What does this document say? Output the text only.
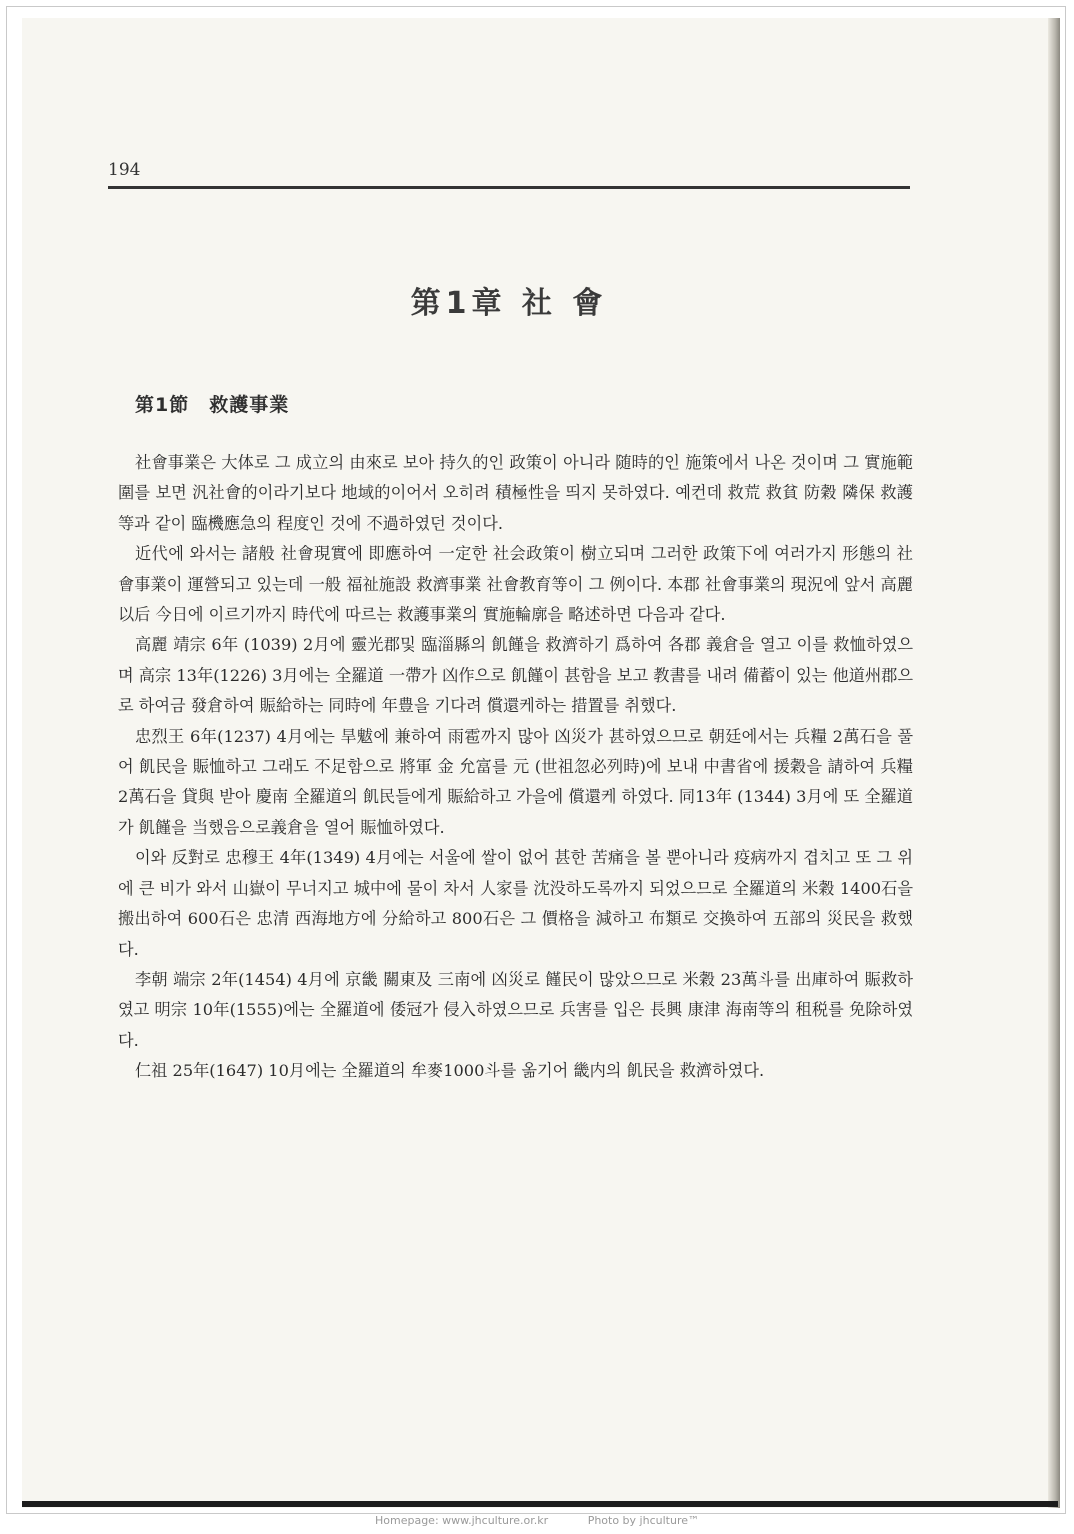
194
第1章 社 會
第1節　救護事業

社會事業은 大体로 그 成立의 由來로 보아 持久的인 政策이 아니라 随時的인 施策에서 나온 것이며 그 實施範圍를 보면 汎社會的이라기보다 地域的이어서 오히려 積極性을 띄지 못하였다. 예컨데 救荒 救貧 防穀 隣保 救護等과 같이 臨機應急의 程度인 것에 不過하였던 것이다.

近代에 와서는 諸般 社會現實에 即應하여 一定한 社会政策이 樹立되며 그러한 政策下에 여러가지 形態의 社會事業이 運營되고 있는데 一般 福祉施設 救濟事業 社會教育等이 그 例이다. 本郡 社會事業의 現況에 앞서 高麗以后 今日에 이르기까지 時代에 따르는 救護事業의 實施輪廓을 略述하면 다음과 같다.

高麗 靖宗 6年 (1039) 2月에 靈光郡및 臨淄縣의 飢饉을 救濟하기 爲하여 各郡 義倉을 열고 이를 救恤하였으며 高宗 13年(1226) 3月에는 全羅道 一帶가 凶作으로 飢饉이 甚함을 보고 教書를 내려 備蓄이 있는 他道州郡으로 하여금 發倉하여 賑給하는 同時에 年豊을 기다려 償還케하는 措置를 취했다.

忠烈王 6年(1237) 4月에는 旱魃에 兼하여 雨雹까지 많아 凶災가 甚하였으므로 朝廷에서는 兵糧 2萬石을 풀어 飢民을 賑恤하고 그래도 不足함으로 將軍 金 允富를 元 (世祖忽必列時)에 보내 中書省에 援穀을 請하여 兵糧 2萬石을 貸與 받아 慶南 全羅道의 飢民들에게 賑給하고 가을에 償還케 하였다. 同13年 (1344) 3月에 또 全羅道가 飢饉을 当했음으로義倉을 열어 賑恤하였다.

이와 反對로 忠穆王 4年(1349) 4月에는 서울에 쌀이 없어 甚한 苦痛을 볼 뿐아니라 疫病까지 겹치고 또 그 위에 큰 비가 와서 山嶽이 무너지고 城中에 물이 차서 人家를 沈没하도록까지 되었으므로 全羅道의 米穀 1400石을搬出하여 600石은 忠清 西海地方에 分給하고 800石은 그 價格을 減하고 布類로 交換하여 五部의 災民을 救했다.

李朝 端宗 2年(1454) 4月에 京畿 關東及 三南에 凶災로 饉民이 많았으므로 米穀 23萬斗를 出庫하여 賑救하였고 明宗 10年(1555)에는 全羅道에 倭冠가 侵入하였으므로 兵害를 입은 長興 康津 海南等의 租税를 免除하였다.

仁祖 25年(1647) 10月에는 全羅道의 牟麥1000斗를 옮기어 畿内의 飢民을 救濟하였다.

Homepage: www.jhculture.or.kr	Photo by jhculture™
